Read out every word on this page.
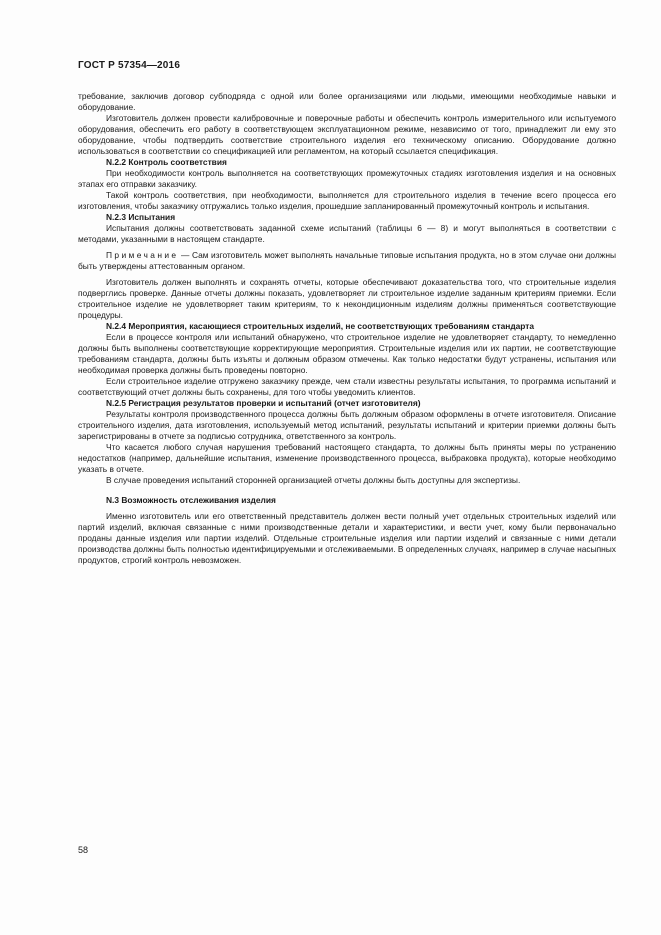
ГОСТ Р 57354—2016

требование, заключив договор субподряда с одной или более организациями или людьми, имеющими необходимые навыки и оборудование.

Изготовитель должен провести калибровочные и поверочные работы и обеспечить контроль измерительного или испытуемого оборудования, обеспечить его работу в соответствующем эксплуатационном режиме, независимо от того, принадлежит ли ему это оборудование, чтобы подтвердить соответствие строительного изделия его техническому описанию. Оборудование должно использоваться в соответствии со спецификацией или регламентом, на который ссылается спецификация.

N.2.2 Контроль соответствия

При необходимости контроль выполняется на соответствующих промежуточных стадиях изготовления изделия и на основных этапах его отправки заказчику.

Такой контроль соответствия, при необходимости, выполняется для строительного изделия в течение всего процесса его изготовления, чтобы заказчику отгружались только изделия, прошедшие запланированный промежуточный контроль и испытания.

N.2.3 Испытания

Испытания должны соответствовать заданной схеме испытаний (таблицы 6 — 8) и могут выполняться в соответствии с методами, указанными в настоящем стандарте.

Примечание — Сам изготовитель может выполнять начальные типовые испытания продукта, но в этом случае они должны быть утверждены аттестованным органом.

Изготовитель должен выполнять и сохранять отчеты, которые обеспечивают доказательства того, что строительные изделия подверглись проверке. Данные отчеты должны показать, удовлетворяет ли строительное изделие заданным критериям приемки. Если строительное изделие не удовлетворяет таким критериям, то к некондиционным изделиям должны применяться соответствующие процедуры.

N.2.4 Мероприятия, касающиеся строительных изделий, не соответствующих требованиям стандарта

Если в процессе контроля или испытаний обнаружено, что строительное изделие не удовлетворяет стандарту, то немедленно должны быть выполнены соответствующие корректирующие мероприятия. Строительные изделия или их партии, не соответствующие требованиям стандарта, должны быть изъяты и должным образом отмечены. Как только недостатки будут устранены, испытания или необходимая проверка должны быть проведены повторно.

Если строительное изделие отгружено заказчику прежде, чем стали известны результаты испытания, то программа испытаний и соответствующий отчет должны быть сохранены, для того чтобы уведомить клиентов.

N.2.5 Регистрация результатов проверки и испытаний (отчет изготовителя)

Результаты контроля производственного процесса должны быть должным образом оформлены в отчете изготовителя. Описание строительного изделия, дата изготовления, используемый метод испытаний, результаты испытаний и критерии приемки должны быть зарегистрированы в отчете за подписью сотрудника, ответственного за контроль.

Что касается любого случая нарушения требований настоящего стандарта, то должны быть приняты меры по устранению недостатков (например, дальнейшие испытания, изменение производственного процесса, выбраковка продукта), которые необходимо указать в отчете.

В случае проведения испытаний сторонней организацией отчеты должны быть доступны для экспертизы.

N.3 Возможность отслеживания изделия

Именно изготовитель или его ответственный представитель должен вести полный учет отдельных строительных изделий или партий изделий, включая связанные с ними производственные детали и характеристики, и вести учет, кому были первоначально проданы данные изделия или партии изделий. Отдельные строительные изделия или партии изделий и связанные с ними детали производства должны быть полностью идентифицируемыми и отслеживаемыми. В определенных случаях, например в случае насыпных продуктов, строгий контроль невозможен.

58
